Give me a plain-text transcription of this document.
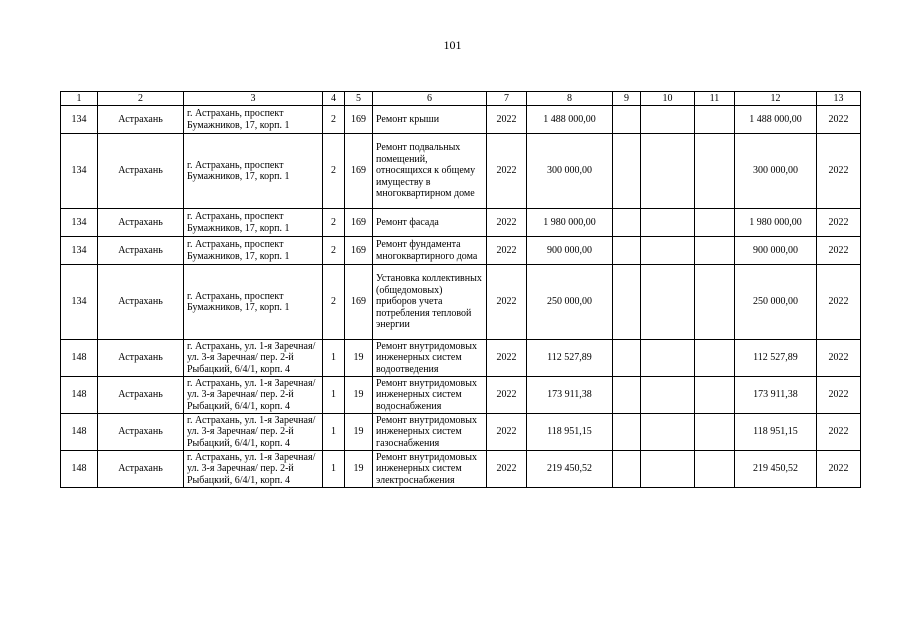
101
1	2	3	4	5	6	7	8	9	10	11	12	13
134	Астрахань	г. Астрахань, проспект Бумажников, 17, корп. 1	2	169	Ремонт крыши	2022	1 488 000,00				1 488 000,00	2022
134	Астрахань	г. Астрахань, проспект Бумажников, 17, корп. 1	2	169	Ремонт подвальных помещений, относящихся к общему имуществу в многоквартирном доме	2022	300 000,00				300 000,00	2022
134	Астрахань	г. Астрахань, проспект Бумажников, 17, корп. 1	2	169	Ремонт фасада	2022	1 980 000,00				1 980 000,00	2022
134	Астрахань	г. Астрахань, проспект Бумажников, 17, корп. 1	2	169	Ремонт фундамента многоквартирного дома	2022	900 000,00				900 000,00	2022
134	Астрахань	г. Астрахань, проспект Бумажников, 17, корп. 1	2	169	Установка коллективных (общедомовых) приборов учета потребления тепловой энергии	2022	250 000,00				250 000,00	2022
148	Астрахань	г. Астрахань, ул. 1-я Заречная/ ул. 3-я Заречная/ пер. 2-й Рыбацкий, 6/4/1, корп. 4	1	19	Ремонт внутридомовых инженерных систем водоотведения	2022	112 527,89				112 527,89	2022
148	Астрахань	г. Астрахань, ул. 1-я Заречная/ ул. 3-я Заречная/ пер. 2-й Рыбацкий, 6/4/1, корп. 4	1	19	Ремонт внутридомовых инженерных систем водоснабжения	2022	173 911,38				173 911,38	2022
148	Астрахань	г. Астрахань, ул. 1-я Заречная/ ул. 3-я Заречная/ пер. 2-й Рыбацкий, 6/4/1, корп. 4	1	19	Ремонт внутридомовых инженерных систем газоснабжения	2022	118 951,15				118 951,15	2022
148	Астрахань	г. Астрахань, ул. 1-я Заречная/ ул. 3-я Заречная/ пер. 2-й Рыбацкий, 6/4/1, корп. 4	1	19	Ремонт внутридомовых инженерных систем электроснабжения	2022	219 450,52				219 450,52	2022
